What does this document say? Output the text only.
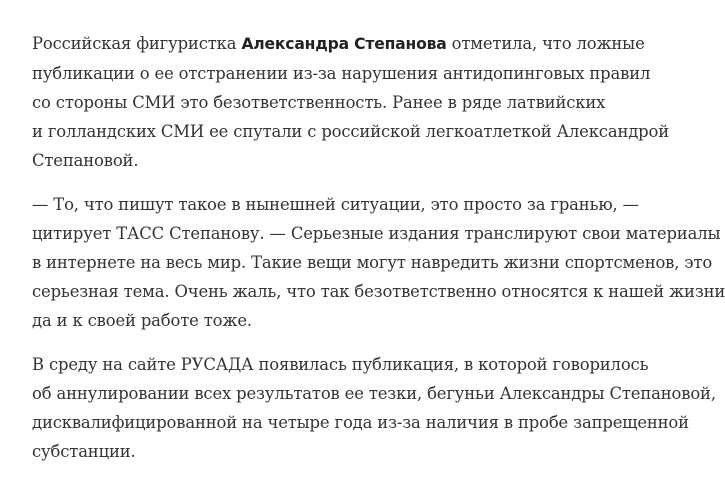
Российская фигуристка Александра Степанова отметила, что ложные
публикации о ее отстранении из-за нарушения антидопинговых правил
со стороны СМИ это безответственность. Ранее в ряде латвийских
и голландских СМИ ее спутали с российской легкоатлеткой Александрой
Степановой.

— То, что пишут такое в нынешней ситуации, это просто за гранью, —
цитирует ТАСС Степанову. — Серьезные издания транслируют свои материалы
в интернете на весь мир. Такие вещи могут навредить жизни спортсменов, это
серьезная тема. Очень жаль, что так безответственно относятся к нашей жизни
да и к своей работе тоже.

В среду на сайте РУСАДА появилась публикация, в которой говорилось
об аннулировании всех результатов ее тезки, бегуньи Александры Степановой,
дисквалифицированной на четыре года из-за наличия в пробе запрещенной
субстанции.
